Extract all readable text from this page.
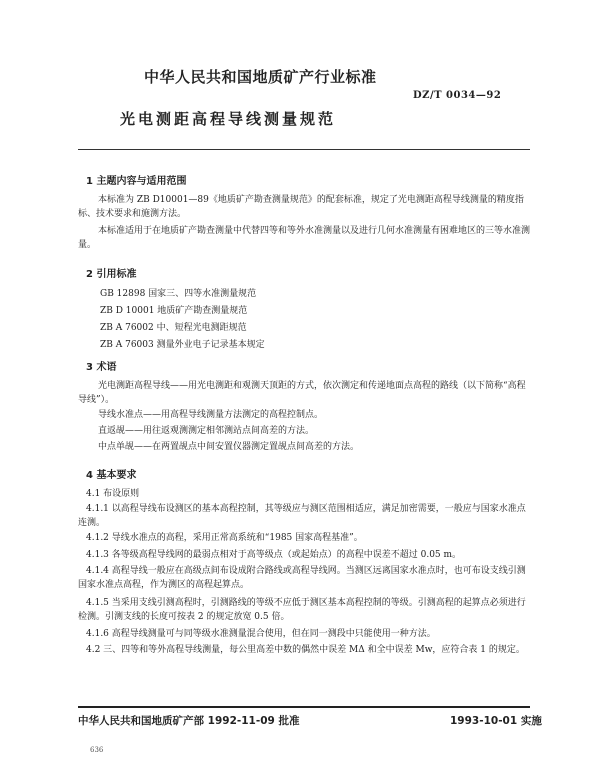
中华人民共和国地质矿产行业标准
DZ/T 0034—92
光电测距高程导线测量规范
1 主题内容与适用范围
本标准为 ZB D10001—89《地质矿产勘查测量规范》的配套标准，规定了光电测距高程导线测量的精度指标、技术要求和施测方法。
本标准适用于在地质矿产勘查测量中代替四等和等外水准测量以及进行几何水准测量有困难地区的三等水准测量。
2 引用标准
GB 12898 国家三、四等水准测量规范
ZB D 10001 地质矿产勘查测量规范
ZB A 76002 中、短程光电测距规范
ZB A 76003 测量外业电子记录基本规定
3 术语
光电测距高程导线——用光电测距和观测天顶距的方式，依次测定和传递地面点高程的路线（以下简称“高程导线”）。
导线水准点——用高程导线测量方法测定的高程控制点。
直返觇——用往返观测测定相邻测站点间高差的方法。
中点单觇——在两置觇点中间安置仪器测定置觇点间高差的方法。
4 基本要求
4.1 布设原则
4.1.1 以高程导线布设测区的基本高程控制，其等级应与测区范围相适应，满足加密需要，一般应与国家水准点连测。
4.1.2 导线水准点的高程，采用正常高系统和“1985 国家高程基准”。
4.1.3 各等级高程导线网的最弱点相对于高等级点（或起始点）的高程中误差不超过 0.05 m。
4.1.4 高程导线一般应在高级点间布设成附合路线或高程导线网。当测区远离国家水准点时，也可布设支线引测国家水准点高程，作为测区的高程起算点。
4.1.5 当采用支线引测高程时，引测路线的等级不应低于测区基本高程控制的等级。引测高程的起算点必须进行检测。引测支线的长度可按表 2 的规定放宽 0.5 倍。
4.1.6 高程导线测量可与同等级水准测量混合使用，但在同一测段中只能使用一种方法。
4.2 三、四等和等外高程导线测量，每公里高差中数的偶然中误差 MΔ 和全中误差 Mw，应符合表 1 的规定。
中华人民共和国地质矿产部 1992-11-09 批准	1993-10-01 实施
636
